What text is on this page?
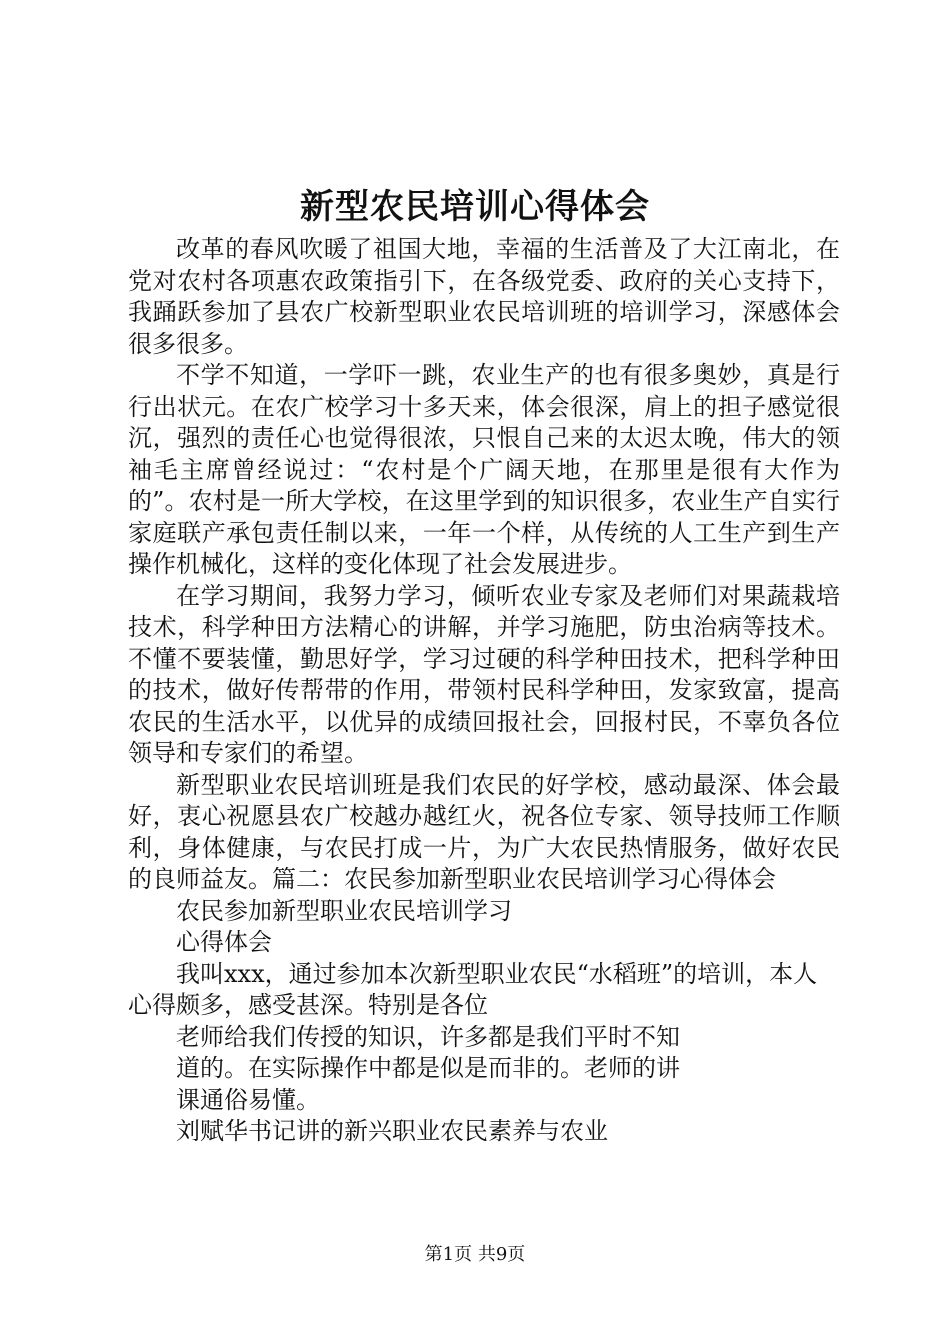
新型农民培训心得体会

改革的春风吹暖了祖国大地，幸福的生活普及了大江南北，在党对农村各项惠农政策指引下，在各级党委、政府的关心支持下，我踊跃参加了县农广校新型职业农民培训班的培训学习，深感体会很多很多。

不学不知道，一学吓一跳，农业生产的也有很多奥妙，真是行行出状元。在农广校学习十多天来，体会很深，肩上的担子感觉很沉，强烈的责任心也觉得很浓，只恨自己来的太迟太晚，伟大的领袖毛主席曾经说过：“农村是个广阔天地，在那里是很有大作为的”。农村是一所大学校，在这里学到的知识很多，农业生产自实行家庭联产承包责任制以来，一年一个样，从传统的人工生产到生产操作机械化，这样的变化体现了社会发展进步。

在学习期间，我努力学习，倾听农业专家及老师们对果蔬栽培技术，科学种田方法精心的讲解，并学习施肥，防虫治病等技术。不懂不要装懂，勤思好学，学习过硬的科学种田技术，把科学种田的技术，做好传帮带的作用，带领村民科学种田，发家致富，提高农民的生活水平，以优异的成绩回报社会，回报村民，不辜负各位领导和专家们的希望。

新型职业农民培训班是我们农民的好学校，感动最深、体会最好，衷心祝愿县农广校越办越红火，祝各位专家、领导技师工作顺利，身体健康，与农民打成一片，为广大农民热情服务，做好农民的良师益友。篇二：农民参加新型职业农民培训学习心得体会

农民参加新型职业农民培训学习

心得体会

我叫xxx，通过参加本次新型职业农民“水稻班”的培训，本人心得颇多，感受甚深。特别是各位

老师给我们传授的知识，许多都是我们平时不知

道的。在实际操作中都是似是而非的。老师的讲

课通俗易懂。

刘赋华书记讲的新兴职业农民素养与农业

第1页 共9页
